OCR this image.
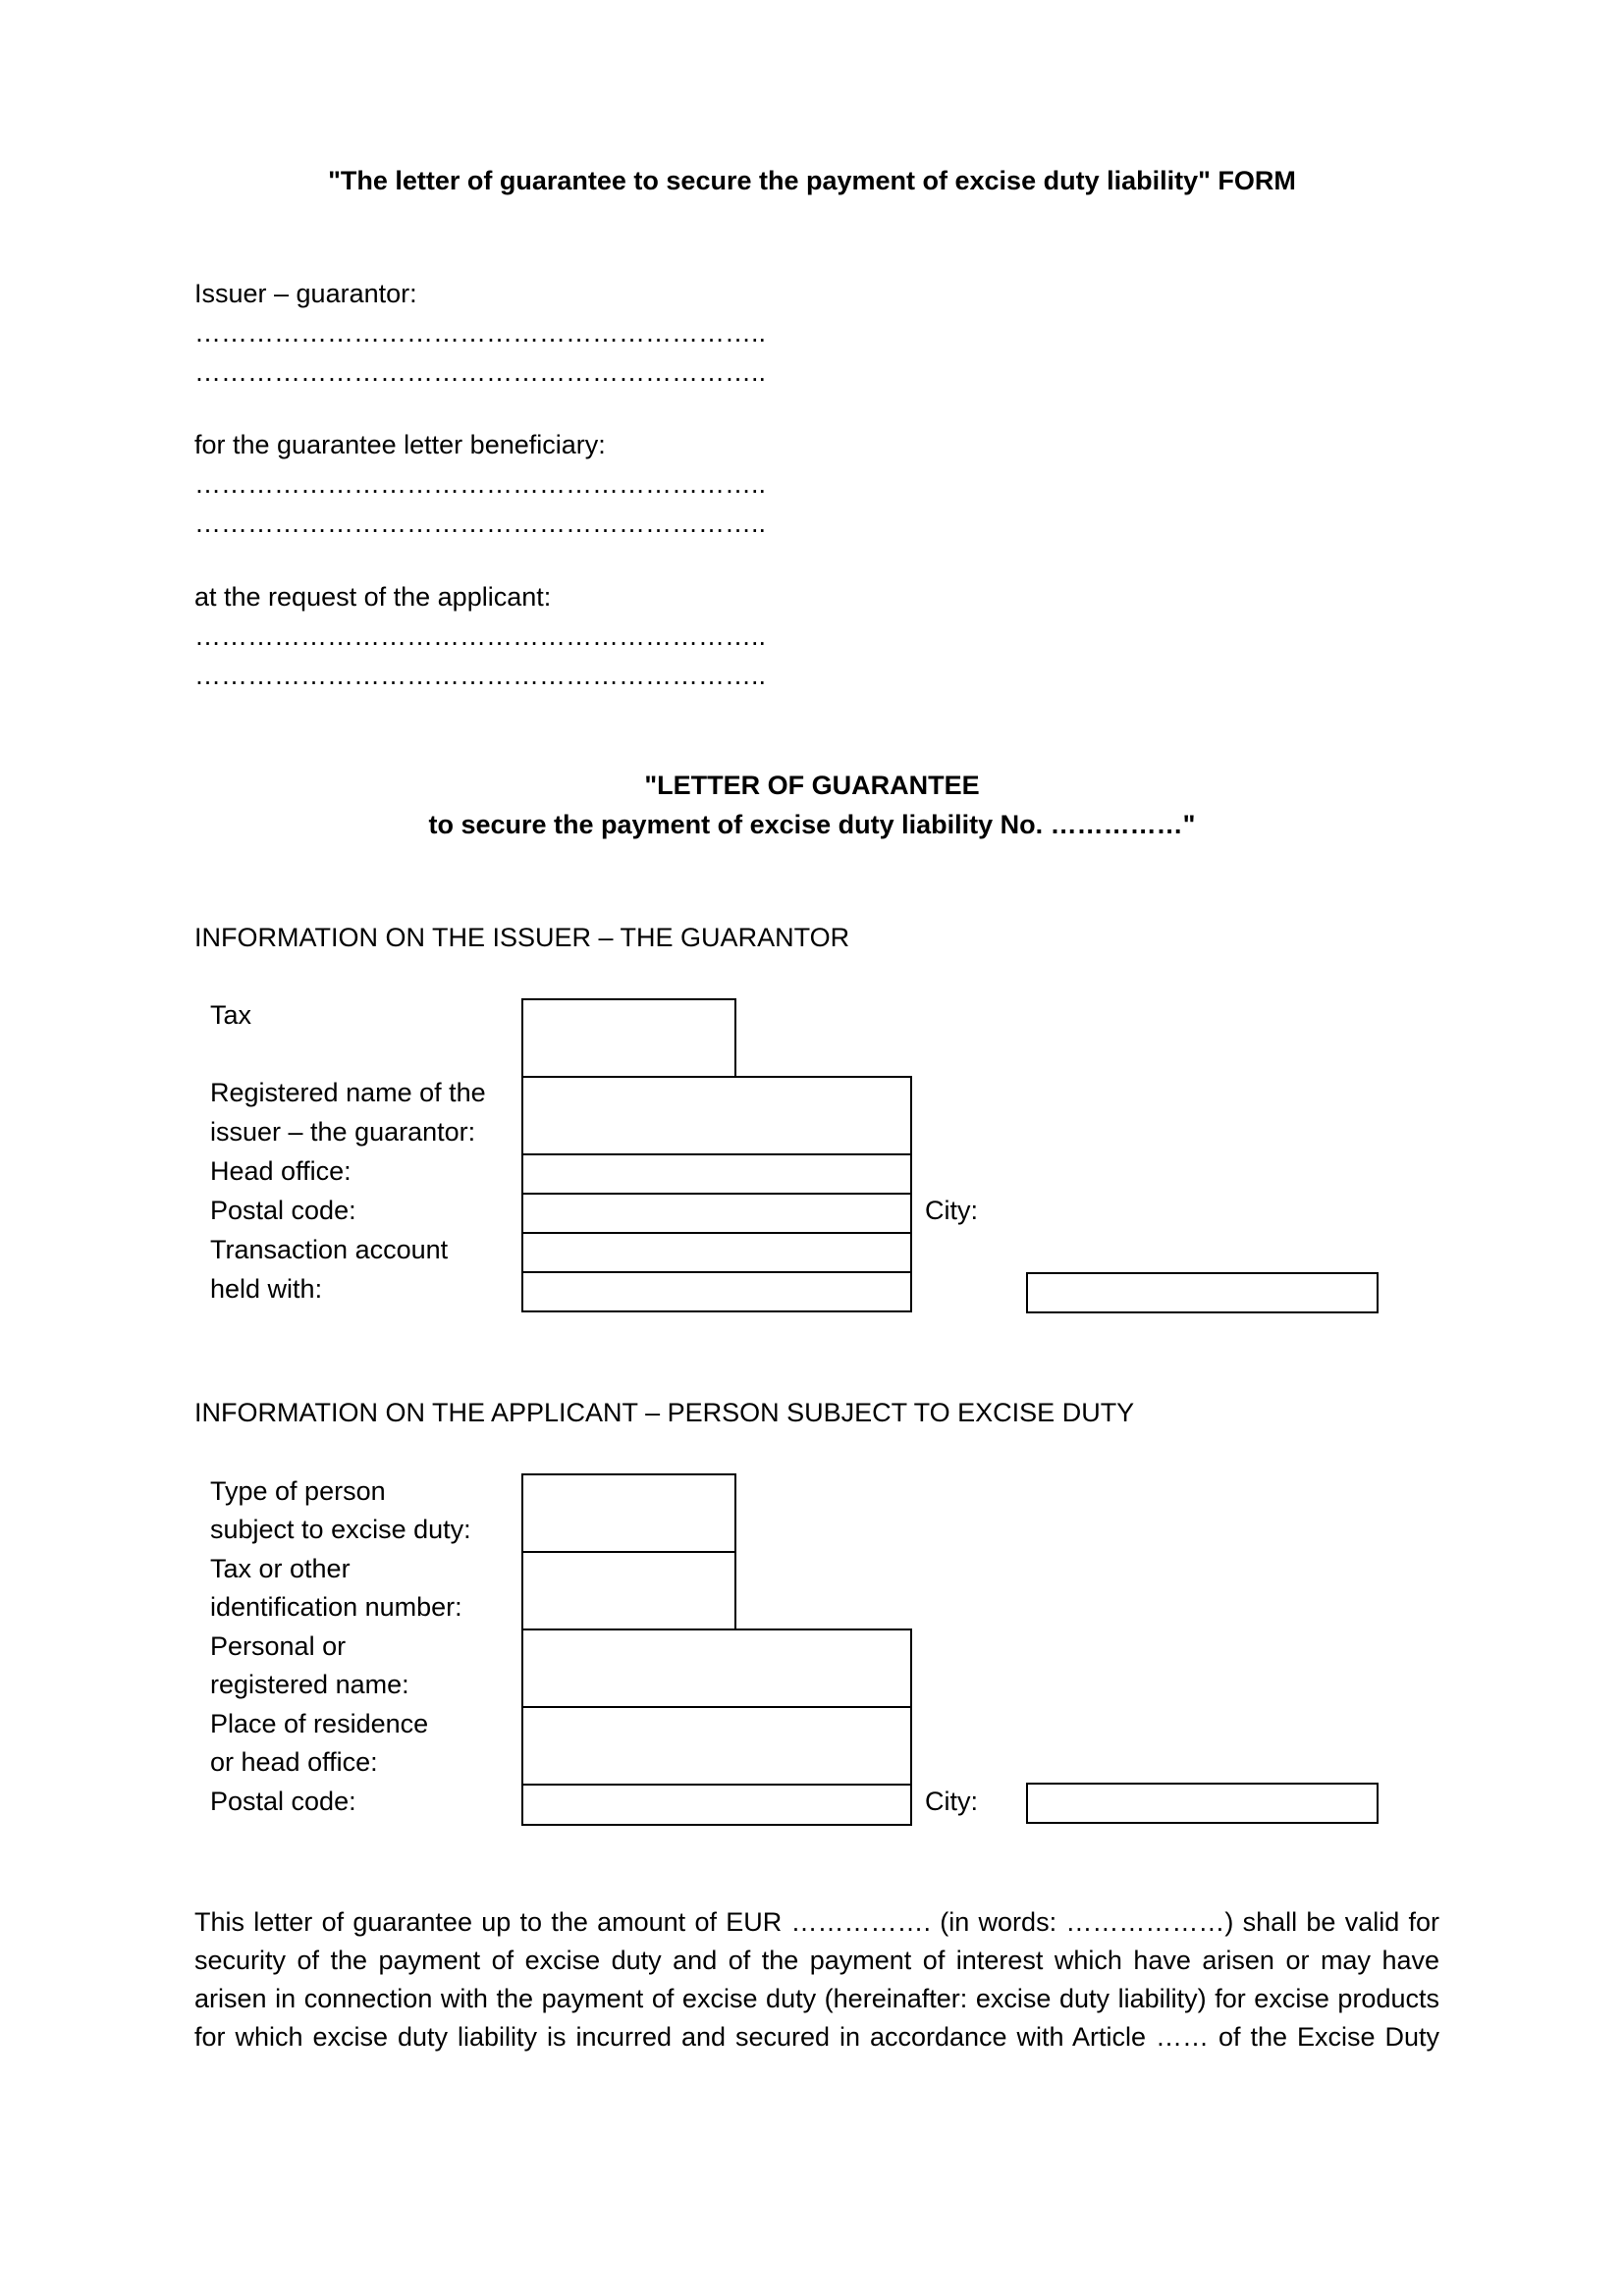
"The letter of guarantee to secure the payment of excise duty liability" FORM
Issuer – guarantor:
………………………………………………………..
………………………………………………………..
for the guarantee letter beneficiary:
………………………………………………………..
………………………………………………………..
at the request of the applicant:
………………………………………………………..
………………………………………………………..
"LETTER OF GUARANTEE
to secure the payment of excise duty liability No. ……………"
INFORMATION ON THE ISSUER – THE GUARANTOR
Tax
Registered name of the
issuer – the guarantor:
Head office:
Postal code:
Transaction account
held with:
City:
INFORMATION ON THE APPLICANT – PERSON SUBJECT TO EXCISE DUTY
Type of person
subject to excise duty:
Tax or other
identification number:
Personal or
registered name:
Place of residence
or head office:
Postal code:	City:
This letter of guarantee up to the amount of EUR ……………. (in words: ………………) shall be valid for
security of the payment of excise duty and of the payment of interest which have arisen or may have
arisen in connection with the payment of excise duty (hereinafter: excise duty liability) for excise products
for which excise duty liability is incurred and secured in accordance with Article …… of the Excise Duty
